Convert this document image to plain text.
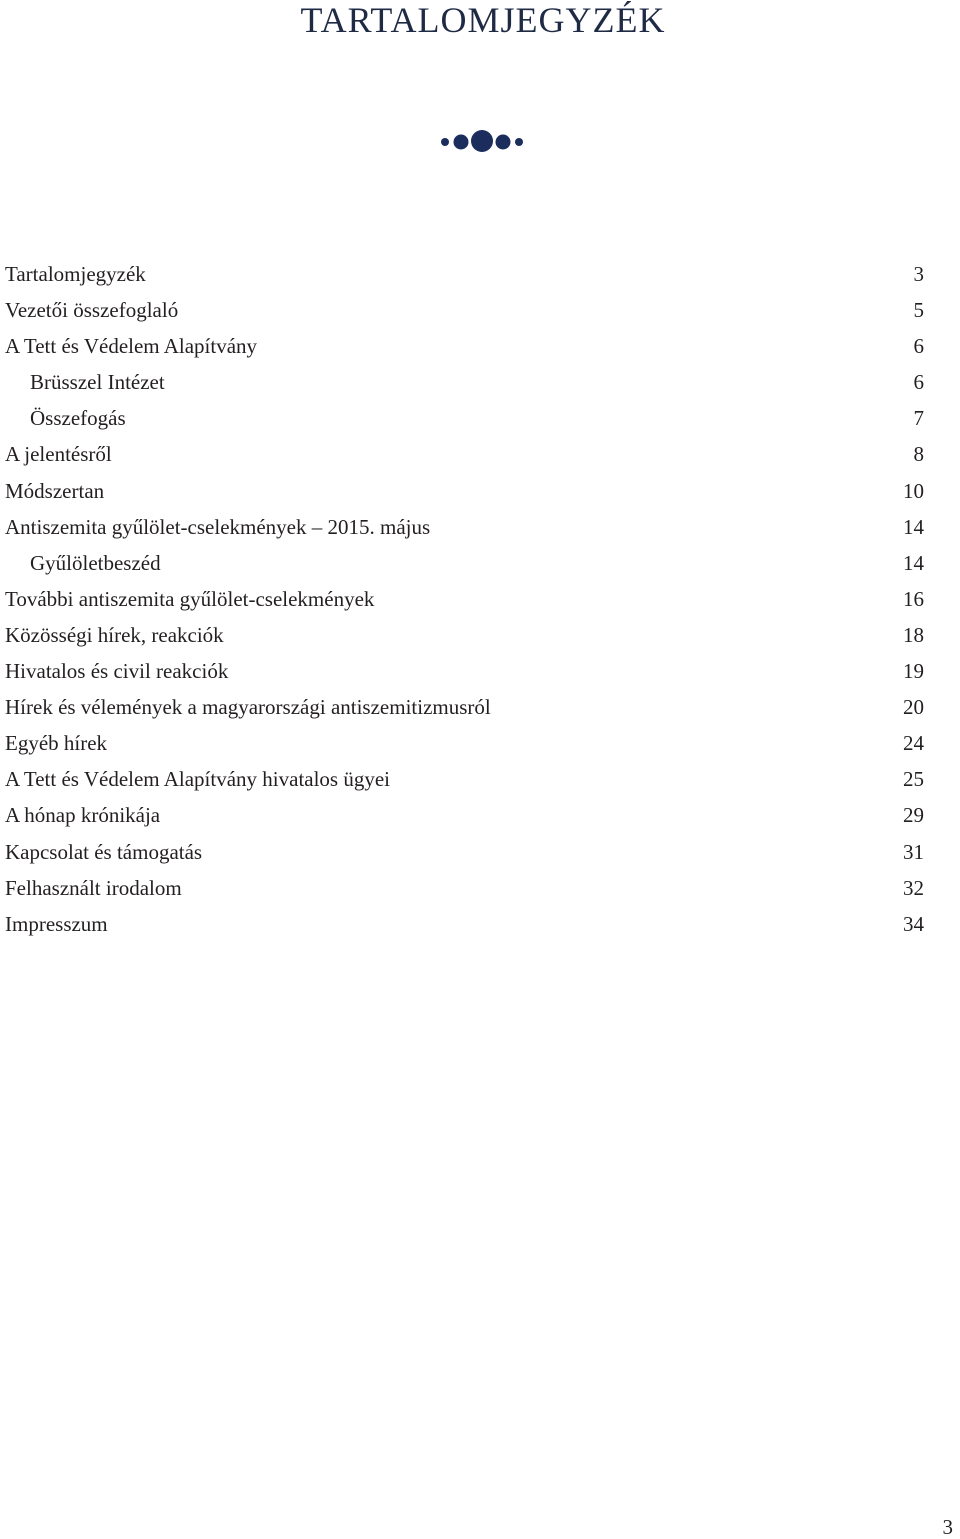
TARTALOMJEGYZÉK
Tartalomjegyzék	3
Vezetői összefoglaló	5
A Tett és Védelem Alapítvány	6
Brüsszel Intézet	6
Összefogás	7
A jelentésről	8
Módszertan	10
Antiszemita gyűlölet-cselekmények – 2015. május	14
Gyűlöletbeszéd	14
További antiszemita gyűlölet-cselekmények	16
Közösségi hírek, reakciók	18
Hivatalos és civil reakciók	19
Hírek és vélemények a magyarországi antiszemitizmusról	20
Egyéb hírek	24
A Tett és Védelem Alapítvány hivatalos ügyei	25
A hónap krónikája	29
Kapcsolat és támogatás	31
Felhasznált irodalom	32
Impresszum	34
3
